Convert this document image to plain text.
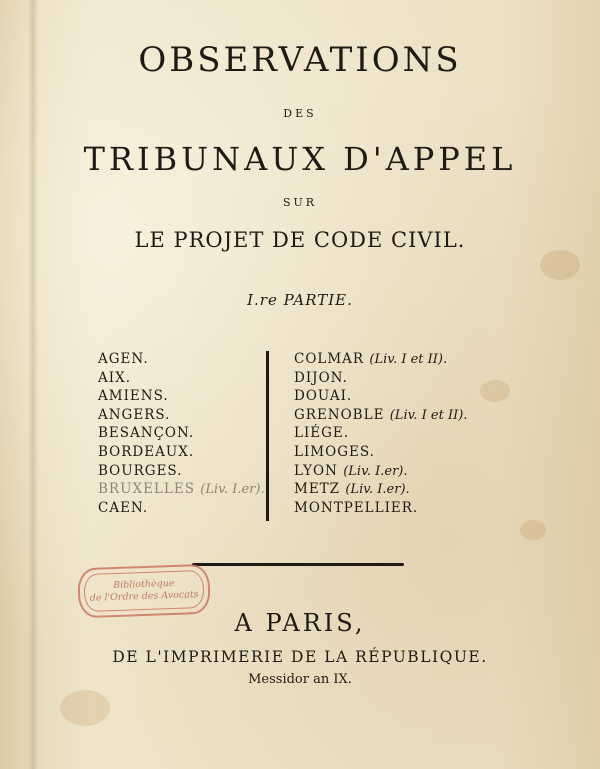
OBSERVATIONS
DES
TRIBUNAUX D'APPEL
SUR
LE PROJET DE CODE CIVIL.
I.re PARTIE.
AGEN.
AIX.
AMIENS.
ANGERS.
BESANÇON.
BORDEAUX.
BOURGES.
BRUXELLES (Liv. I.er).
CAEN.
COLMAR (Liv. I et II).
DIJON.
DOUAI.
GRENOBLE (Liv. I et II).
LIÉGE.
LIMOGES.
LYON (Liv. I.er).
METZ (Liv. I.er).
MONTPELLIER.
Bibliothèque
de l'Ordre des Avocats
A PARIS,
DE L'IMPRIMERIE DE LA RÉPUBLIQUE.
Messidor an IX.
